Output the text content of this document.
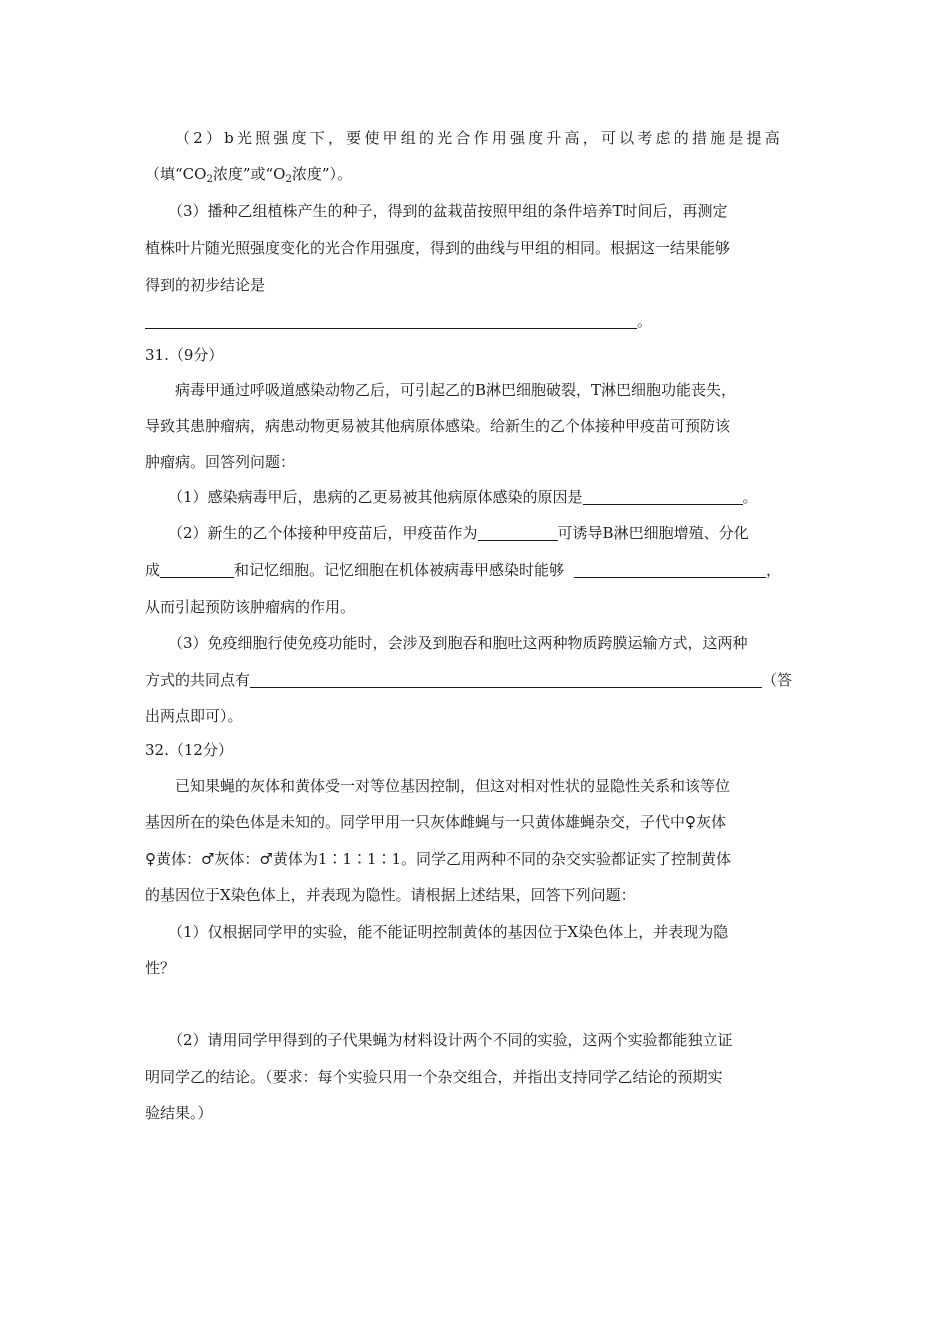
（2）b光照强度下，要使甲组的光合作用强度升高，可以考虑的措施是提高
（填“$CO_2$浓度”或“$O_2$浓度”）。
（3）播种乙组植株产生的种子，得到的盆栽苗按照甲组的条件培养T时间后，再测定
植株叶片随光照强度变化的光合作用强度，得到的曲线与甲组的相同。根据这一结果能够
得到的初步结论是
。
31.（9分）
病毒甲通过呼吸道感染动物乙后，可引起乙的B淋巴细胞破裂，T淋巴细胞功能丧失，
导致其患肿瘤病，病患动物更易被其他病原体感染。给新生的乙个体接种甲疫苗可预防该
肿瘤病。回答列问题：
（1）感染病毒甲后，患病的乙更易被其他病原体感染的原因是	。
（2）新生的乙个体接种甲疫苗后，甲疫苗作为	可诱导B淋巴细胞增殖、分化
成	和记忆细胞。记忆细胞在机体被病毒甲感染时能够	，
从而引起预防该肿瘤病的作用。
（3）免疫细胞行使免疫功能时，会涉及到胞吞和胞吐这两种物质跨膜运输方式，这两种
方式的共同点有	（答
出两点即可）。
32.（12分）
已知果蝇的灰体和黄体受一对等位基因控制，但这对相对性状的显隐性关系和该等位
基因所在的染色体是未知的。同学甲用一只灰体雌蝇与一只黄体雄蝇杂交，子代中♀灰体
♀黄体：♂灰体：♂黄体为1∶1∶1∶1。同学乙用两种不同的杂交实验都证实了控制黄体
的基因位于X染色体上，并表现为隐性。请根据上述结果，回答下列问题：
（1）仅根据同学甲的实验，能不能证明控制黄体的基因位于X染色体上，并表现为隐
性？
（2）请用同学甲得到的子代果蝇为材料设计两个不同的实验，这两个实验都能独立证
明同学乙的结论。（要求：每个实验只用一个杂交组合，并指出支持同学乙结论的预期实
验结果。）
